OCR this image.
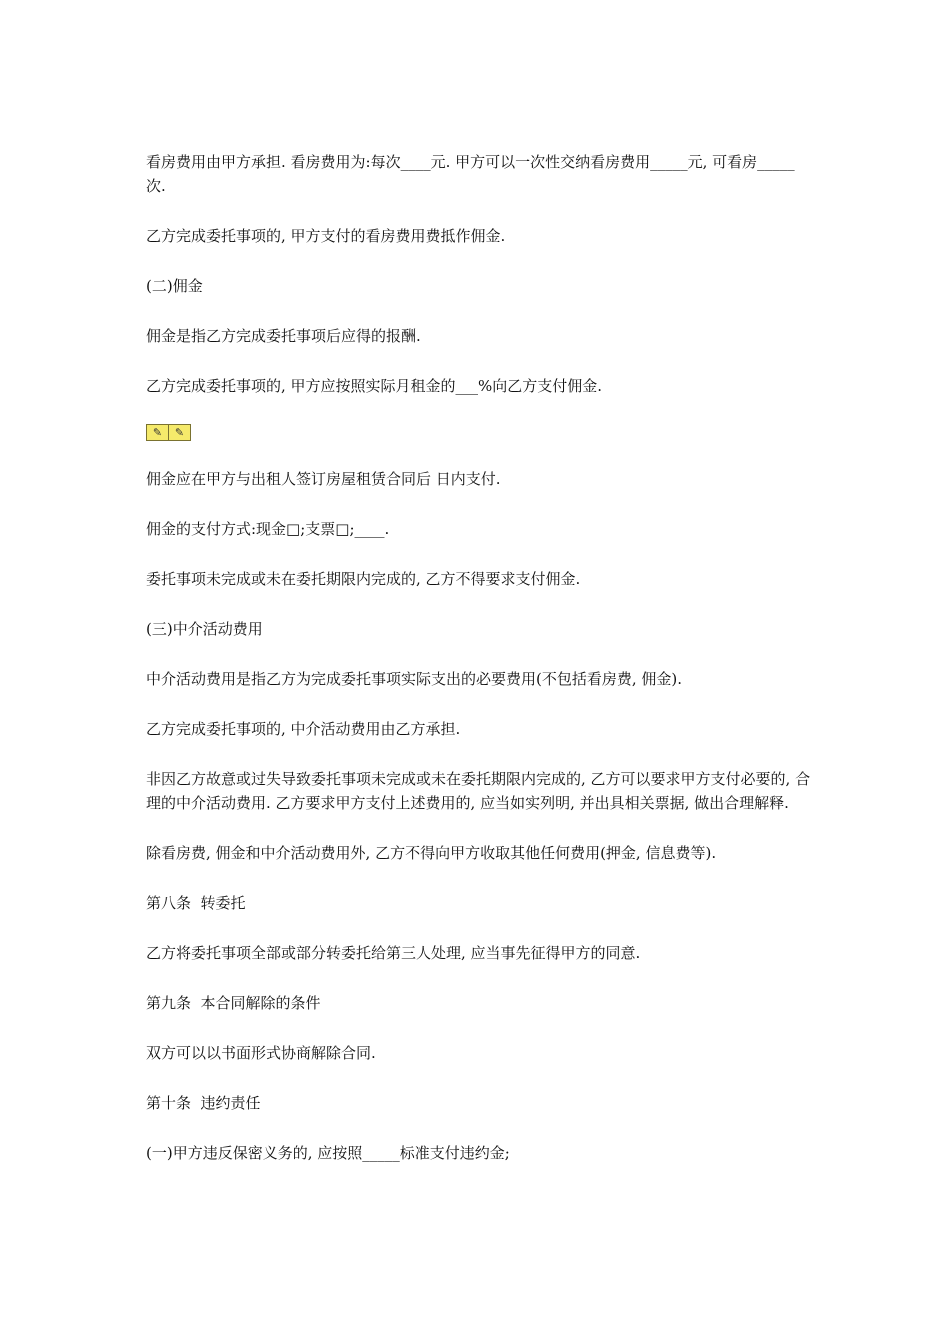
看房费用由甲方承担. 看房费用为:每次____元. 甲方可以一次性交纳看房费用_____元, 可看房_____次.

乙方完成委托事项的, 甲方支付的看房费用费抵作佣金.

(二)佣金

佣金是指乙方完成委托事项后应得的报酬.

乙方完成委托事项的, 甲方应按照实际月租金的___%向乙方支付佣金.

✎	✎

佣金应在甲方与出租人签订房屋租赁合同后 日内支付.

佣金的支付方式:现金□;支票□;____.

委托事项未完成或未在委托期限内完成的, 乙方不得要求支付佣金.

(三)中介活动费用

中介活动费用是指乙方为完成委托事项实际支出的必要费用(不包括看房费, 佣金).

乙方完成委托事项的, 中介活动费用由乙方承担.

非因乙方故意或过失导致委托事项未完成或未在委托期限内完成的, 乙方可以要求甲方支付必要的, 合理的中介活动费用. 乙方要求甲方支付上述费用的, 应当如实列明, 并出具相关票据, 做出合理解释.

除看房费, 佣金和中介活动费用外, 乙方不得向甲方收取其他任何费用(押金, 信息费等).

第八条  转委托

乙方将委托事项全部或部分转委托给第三人处理, 应当事先征得甲方的同意.

第九条  本合同解除的条件

双方可以以书面形式协商解除合同.

第十条  违约责任

(一)甲方违反保密义务的, 应按照_____标准支付违约金;
